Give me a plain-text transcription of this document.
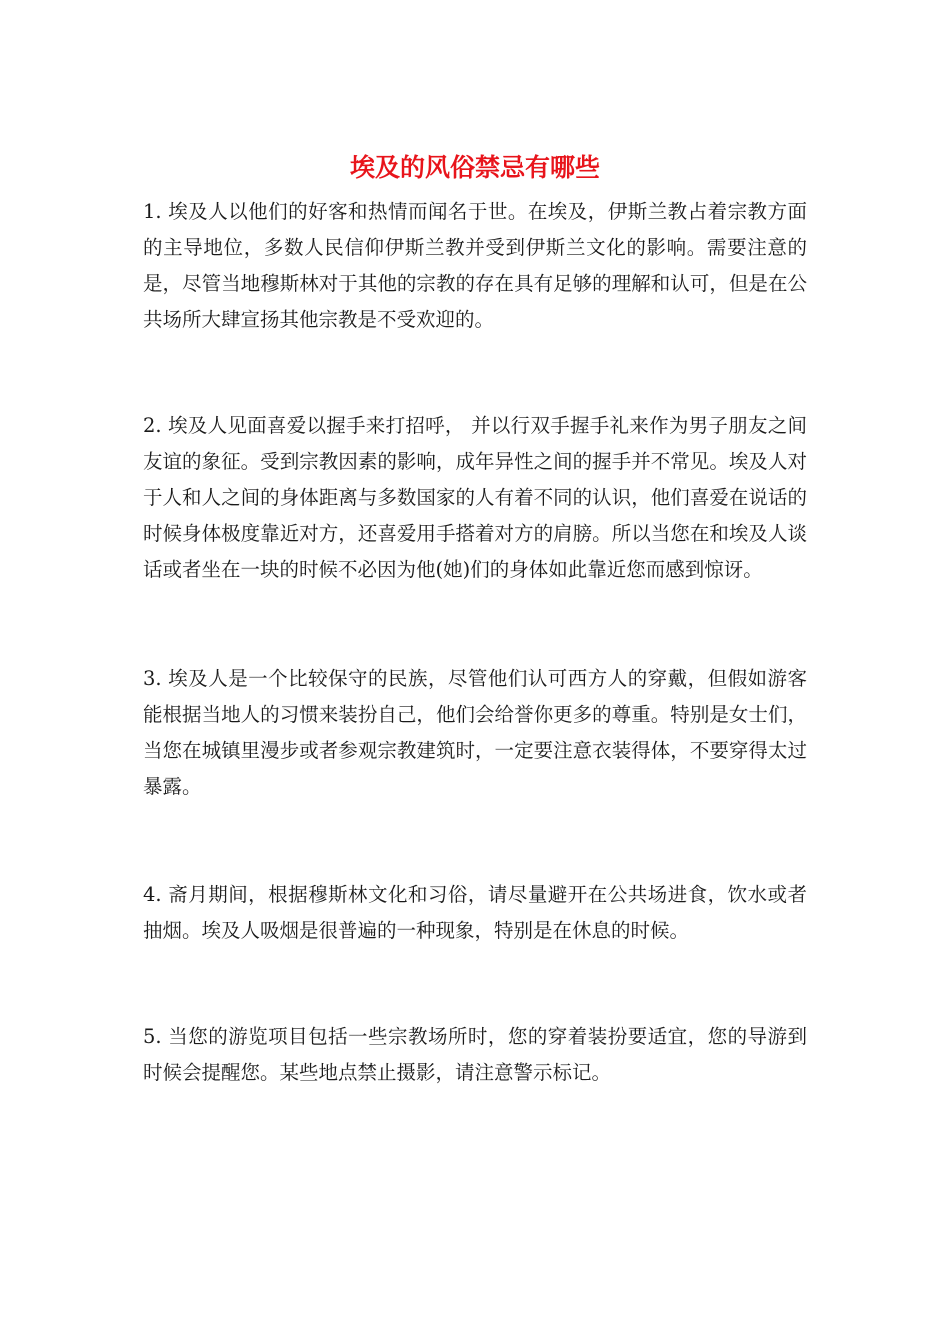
埃及的风俗禁忌有哪些

1. 埃及人以他们的好客和热情而闻名于世。在埃及，伊斯兰教占着宗教方面的主导地位，多数人民信仰伊斯兰教并受到伊斯兰文化的影响。需要注意的是，尽管当地穆斯林对于其他的宗教的存在具有足够的理解和认可，但是在公共场所大肆宣扬其他宗教是不受欢迎的。

2. 埃及人见面喜爱以握手来打招呼， 并以行双手握手礼来作为男子朋友之间友谊的象征。受到宗教因素的影响，成年异性之间的握手并不常见。埃及人对于人和人之间的身体距离与多数国家的人有着不同的认识，他们喜爱在说话的时候身体极度靠近对方，还喜爱用手搭着对方的肩膀。所以当您在和埃及人谈话或者坐在一块的时候不必因为他(她)们的身体如此靠近您而感到惊讶。

3. 埃及人是一个比较保守的民族，尽管他们认可西方人的穿戴，但假如游客能根据当地人的习惯来装扮自己，他们会给誉你更多的尊重。特别是女士们，当您在城镇里漫步或者参观宗教建筑时，一定要注意衣装得体，不要穿得太过暴露。

4. 斋月期间，根据穆斯林文化和习俗，请尽量避开在公共场进食，饮水或者抽烟。埃及人吸烟是很普遍的一种现象，特别是在休息的时候。

5. 当您的游览项目包括一些宗教场所时，您的穿着装扮要适宜，您的导游到时候会提醒您。某些地点禁止摄影，请注意警示标记。
